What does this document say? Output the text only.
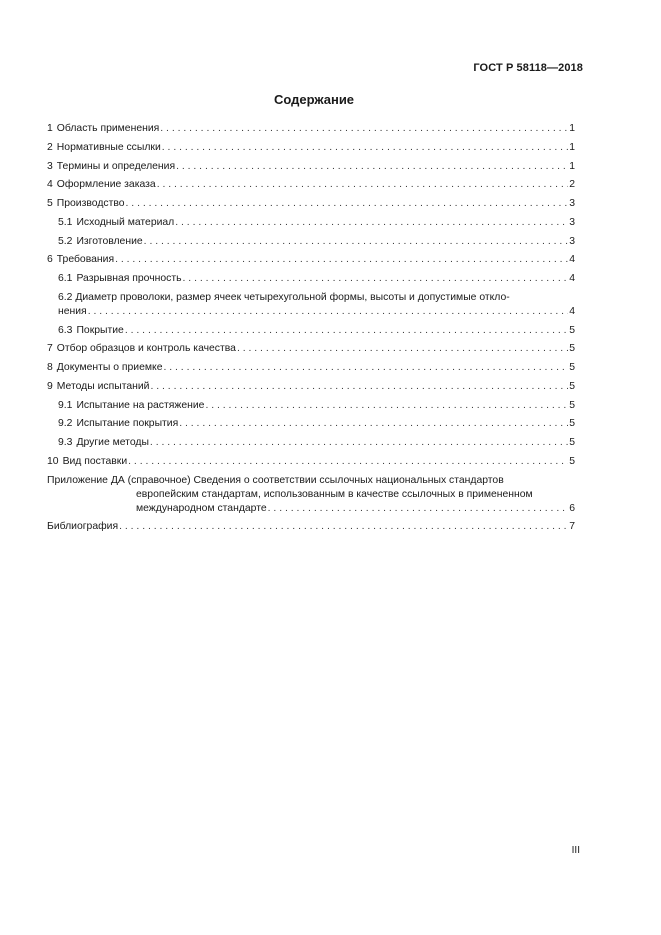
ГОСТ Р 58118—2018
Содержание
1 Область применения . . .	1
2 Нормативные ссылки . . .	1
3 Термины и определения . . .	1
4 Оформление заказа . . .	2
5 Производство . . .	3
5.1 Исходный материал . . .	3
5.2 Изготовление . . .	3
6 Требования . . .	4
6.1 Разрывная прочность . . .	4
6.2 Диаметр проволоки, размер ячеек четырехугольной формы, высоты и допустимые откло-
нения . . .	4
6.3 Покрытие . . .	5
7 Отбор образцов и контроль качества . . .	5
8 Документы о приемке . . .	5
9 Методы испытаний . . .	5
9.1 Испытание на растяжение . . .	5
9.2 Испытание покрытия . . .	5
9.3 Другие методы . . .	5
10 Вид поставки . . .	5
Приложение ДА (справочное) Сведения о соответствии ссылочных национальных стандартов
европейским стандартам, использованным в качестве ссылочных в примененном
международном стандарте . . .	6
Библиография . . .	7
III
